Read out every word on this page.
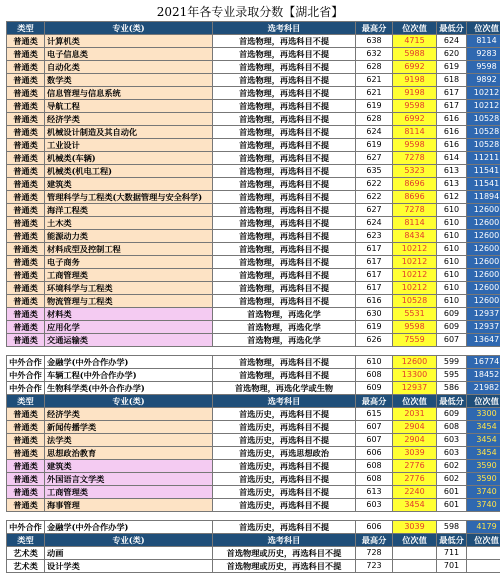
2021年各专业录取分数【湖北省】
类型	专业(类)	选考科目	最高分	位次值	最低分	位次值
普通类	计算机类	首选物理，再选科目不提	638	4715	624	8114
普通类	电子信息类	首选物理，再选科目不提	632	5988	620	9283
普通类	自动化类	首选物理，再选科目不提	628	6992	619	9598
普通类	数学类	首选物理，再选科目不提	621	9198	618	9892
普通类	信息管理与信息系统	首选物理，再选科目不提	621	9198	617	10212
普通类	导航工程	首选物理，再选科目不提	619	9598	617	10212
普通类	经济学类	首选物理，再选科目不提	628	6992	616	10528
普通类	机械设计制造及其自动化	首选物理，再选科目不提	624	8114	616	10528
普通类	工业设计	首选物理，再选科目不提	619	9598	616	10528
普通类	机械类(车辆)	首选物理，再选科目不提	627	7278	614	11211
普通类	机械类(机电工程)	首选物理，再选科目不提	635	5323	613	11541
普通类	建筑类	首选物理，再选科目不提	622	8696	613	11541
普通类	管理科学与工程类(大数据管理与安全科学)	首选物理，再选科目不提	622	8696	612	11894
普通类	海洋工程类	首选物理，再选科目不提	627	7278	610	12600
普通类	土木类	首选物理，再选科目不提	624	8114	610	12600
普通类	能源动力类	首选物理，再选科目不提	623	8434	610	12600
普通类	材料成型及控制工程	首选物理，再选科目不提	617	10212	610	12600
普通类	电子商务	首选物理，再选科目不提	617	10212	610	12600
普通类	工商管理类	首选物理，再选科目不提	617	10212	610	12600
普通类	环境科学与工程类	首选物理，再选科目不提	617	10212	610	12600
普通类	物流管理与工程类	首选物理，再选科目不提	616	10528	610	12600
普通类	材料类	首选物理，再选化学	630	5531	609	12937
普通类	应用化学	首选物理，再选化学	619	9598	609	12937
普通类	交通运输类	首选物理，再选化学	626	7559	607	13647

中外合作	金融学(中外合作办学)	首选物理，再选科目不提	610	12600	599	16774
中外合作	车辆工程(中外合作办学)	首选物理，再选科目不提	608	13300	595	18452
中外合作	生物科学类(中外合作办学)	首选物理，再选化学或生物	609	12937	586	21982
类型	专业(类)	选考科目	最高分	位次值	最低分	位次值
普通类	经济学类	首选历史，再选科目不提	615	2031	609	3300
普通类	新闻传播学类	首选历史，再选科目不提	607	2904	608	3454
普通类	法学类	首选历史，再选科目不提	607	2904	603	3454
普通类	思想政治教育	首选历史，再选思想政治	606	3039	603	3454
普通类	建筑类	首选历史，再选科目不提	608	2776	602	3590
普通类	外国语言文学类	首选历史，再选科目不提	608	2776	602	3590
普通类	工商管理类	首选历史，再选科目不提	613	2240	601	3740
普通类	海事管理	首选历史，再选科目不提	603	3454	601	3740

中外合作	金融学(中外合作办学)	首选历史，再选科目不提	606	3039	598	4179
类型	专业(类)	选考科目	最高分	位次值	最低分	位次值
艺术类	动画	首选物理或历史，再选科目不提	728		711	
艺术类	设计学类	首选物理或历史，再选科目不提	723		701	
